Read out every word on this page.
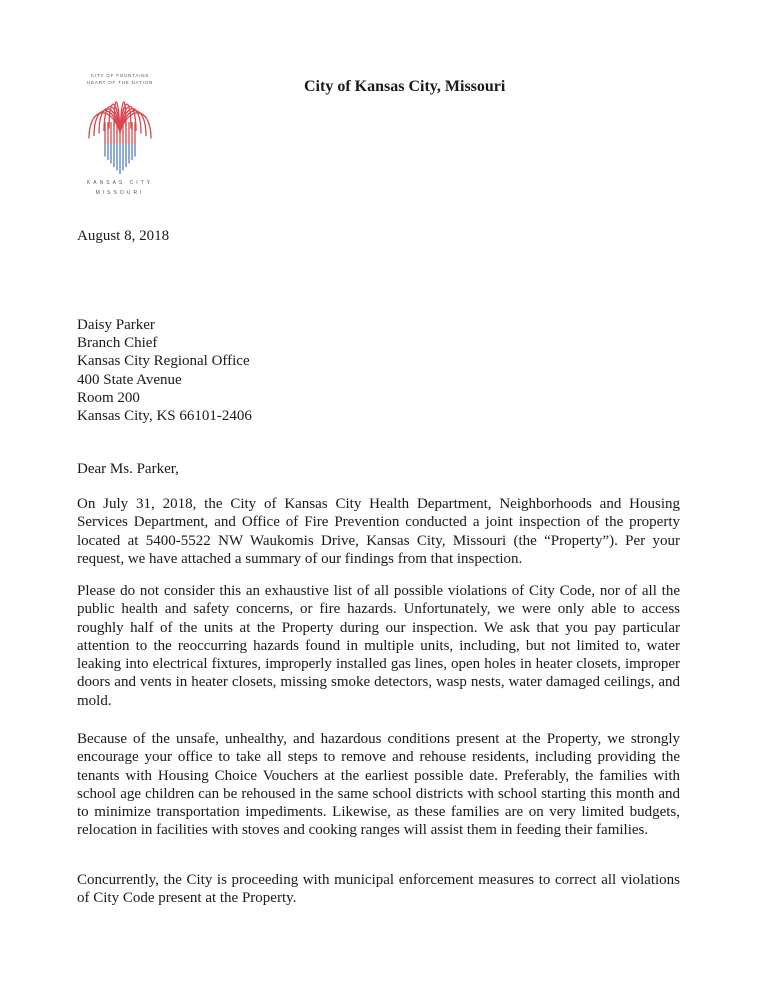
CITY OF FOUNTAINS
HEART OF THE NATION
KANSAS CITY
MISSOURI
City of Kansas City, Missouri
August 8, 2018
Daisy Parker
Branch Chief
Kansas City Regional Office
400 State Avenue
Room 200
Kansas City, KS 66101-2406
Dear Ms. Parker,

On July 31, 2018, the City of Kansas City Health Department, Neighborhoods and Housing Services Department, and Office of Fire Prevention conducted a joint inspection of the property located at 5400-5522 NW Waukomis Drive, Kansas City, Missouri (the “Property”). Per your request, we have attached a summary of our findings from that inspection.

Please do not consider this an exhaustive list of all possible violations of City Code, nor of all the public health and safety concerns, or fire hazards. Unfortunately, we were only able to access roughly half of the units at the Property during our inspection. We ask that you pay particular attention to the reoccurring hazards found in multiple units, including, but not limited to, water leaking into electrical fixtures, improperly installed gas lines, open holes in heater closets, improper doors and vents in heater closets, missing smoke detectors, wasp nests, water damaged ceilings, and mold.

Because of the unsafe, unhealthy, and hazardous conditions present at the Property, we strongly encourage your office to take all steps to remove and rehouse residents, including providing the tenants with Housing Choice Vouchers at the earliest possible date. Preferably, the families with school age children can be rehoused in the same school districts with school starting this month and to minimize transportation impediments. Likewise, as these families are on very limited budgets, relocation in facilities with stoves and cooking ranges will assist them in feeding their families.

Concurrently, the City is proceeding with municipal enforcement measures to correct all violations of City Code present at the Property.
